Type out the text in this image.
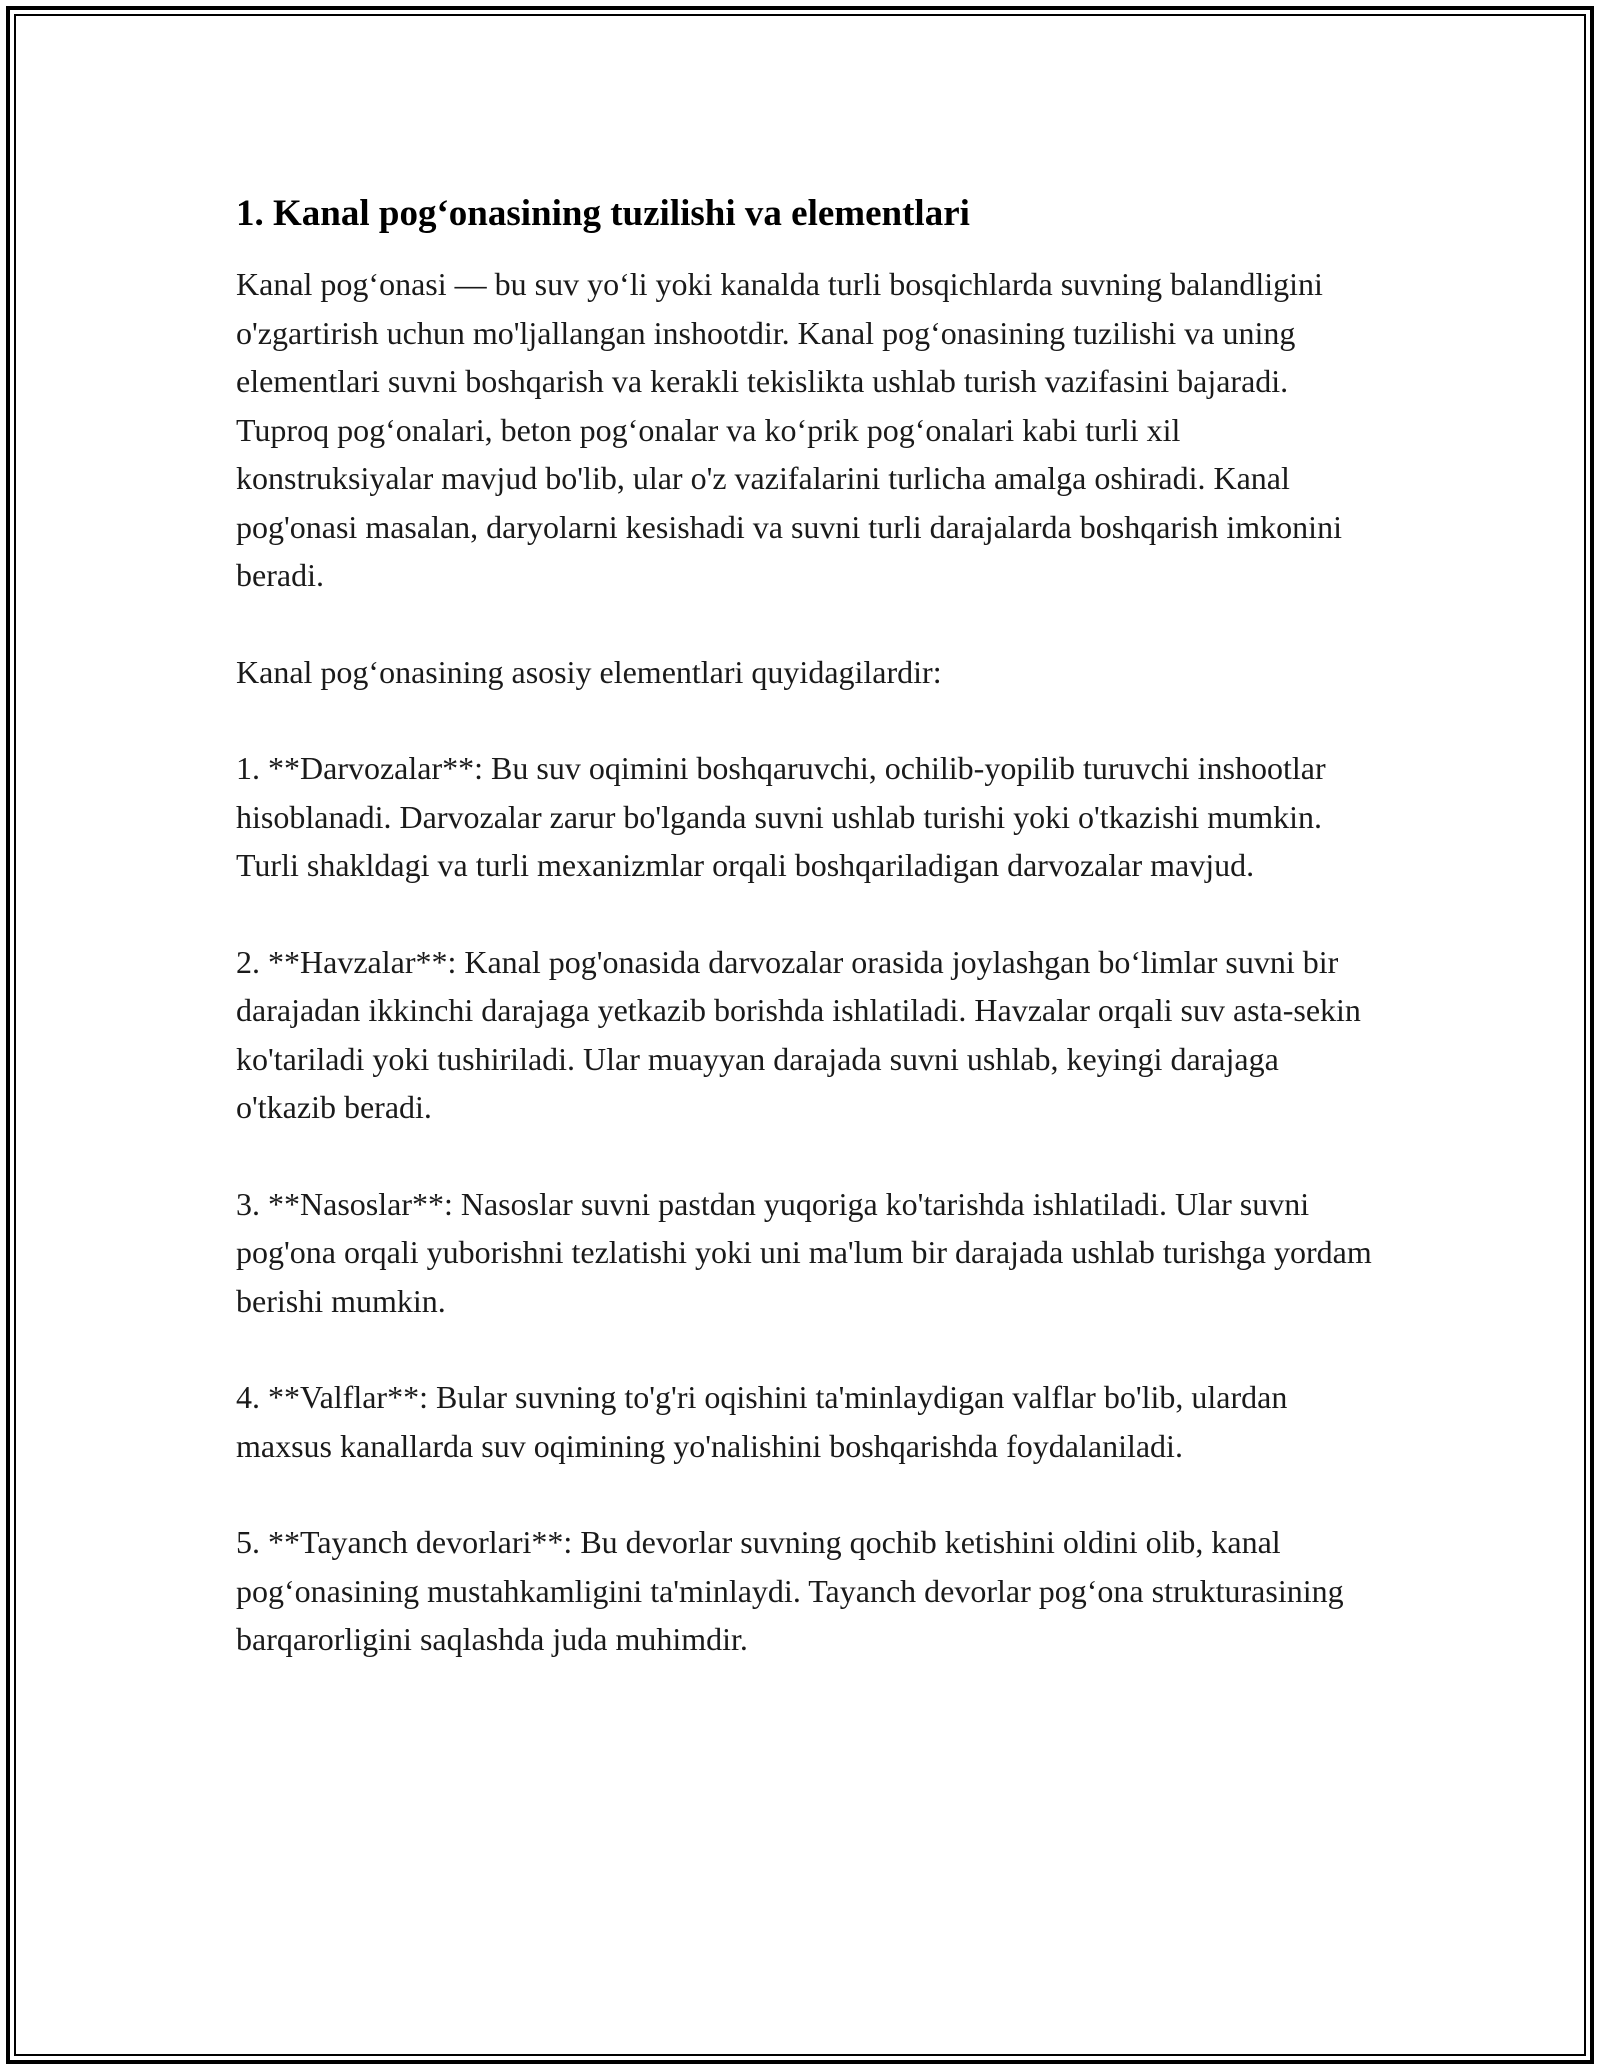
1. Kanal pog‘onasining tuzilishi va elementlari

Kanal pog‘onasi — bu suv yo‘li yoki kanalda turli bosqichlarda suvning balandligini o'zgartirish uchun mo'ljallangan inshootdir. Kanal pog‘onasining tuzilishi va uning elementlari suvni boshqarish va kerakli tekislikta ushlab turish vazifasini bajaradi. Tuproq pog‘onalari, beton pog‘onalar va ko‘prik pog‘onalari kabi turli xil konstruksiyalar mavjud bo'lib, ular o'z vazifalarini turlicha amalga oshiradi. Kanal pog'onasi masalan, daryolarni kesishadi va suvni turli darajalarda boshqarish imkonini beradi.

Kanal pog‘onasining asosiy elementlari quyidagilardir:

1. **Darvozalar**: Bu suv oqimini boshqaruvchi, ochilib-yopilib turuvchi inshootlar hisoblanadi. Darvozalar zarur bo'lganda suvni ushlab turishi yoki o'tkazishi mumkin. Turli shakldagi va turli mexanizmlar orqali boshqariladigan darvozalar mavjud.

2. **Havzalar**: Kanal pog'onasida darvozalar orasida joylashgan bo‘limlar suvni bir darajadan ikkinchi darajaga yetkazib borishda ishlatiladi. Havzalar orqali suv asta-sekin ko'tariladi yoki tushiriladi. Ular muayyan darajada suvni ushlab, keyingi darajaga o'tkazib beradi.

3. **Nasoslar**: Nasoslar suvni pastdan yuqoriga ko'tarishda ishlatiladi. Ular suvni pog'ona orqali yuborishni tezlatishi yoki uni ma'lum bir darajada ushlab turishga yordam berishi mumkin.

4. **Valflar**: Bular suvning to'g'ri oqishini ta'minlaydigan valflar bo'lib, ulardan maxsus kanallarda suv oqimining yo'nalishini boshqarishda foydalaniladi.

5. **Tayanch devorlari**: Bu devorlar suvning qochib ketishini oldini olib, kanal pog‘onasining mustahkamligini ta'minlaydi. Tayanch devorlar pog‘ona strukturasining barqarorligini saqlashda juda muhimdir.
